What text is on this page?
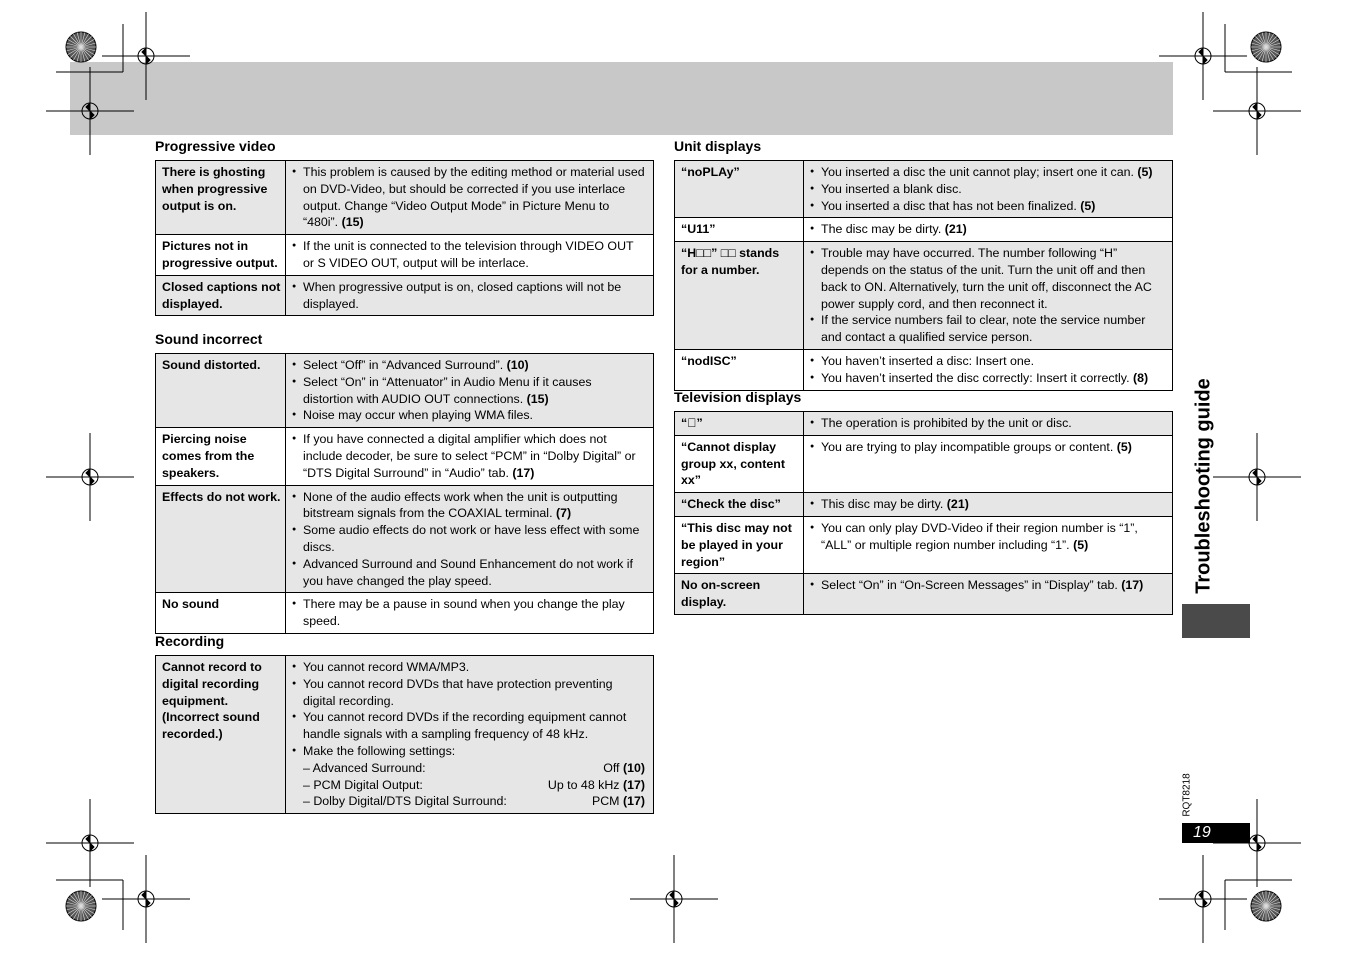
Progressive video
There is ghosting when progressive output is on.	● This problem is caused by the editing method or material used on DVD-Video, but should be corrected if you use interlace output. Change “Video Output Mode” in Picture Menu to “480i”. (15)

Pictures not in progressive output.	● If the unit is connected to the television through VIDEO OUT or S VIDEO OUT, output will be interlace.

Closed captions not displayed.	● When progressive output is on, closed captions will not be displayed.
Sound incorrect
Sound distorted.	● Select “Off” in “Advanced Surround”. (10)
● Select “On” in “Attenuator” in Audio Menu if it causes distortion with AUDIO OUT connections. (15)
● Noise may occur when playing WMA files.

Piercing noise comes from the speakers.	● If you have connected a digital amplifier which does not include decoder, be sure to select “PCM” in “Dolby Digital” or “DTS Digital Surround” in “Audio” tab. (17)

Effects do not work.	● None of the audio effects work when the unit is outputting bitstream signals from the COAXIAL terminal. (7)
● Some audio effects do not work or have less effect with some discs.
● Advanced Surround and Sound Enhancement do not work if you have changed the play speed.

No sound	● There may be a pause in sound when you change the play speed.
Recording
Cannot record to digital recording equipment. (Incorrect sound recorded.)	
● You cannot record WMA/MP3.
● You cannot record DVDs that have protection preventing digital recording.
● You cannot record DVDs if the recording equipment cannot handle signals with a sampling frequency of 48 kHz.
● Make the following settings:
– Advanced Surround:	Off (10)
– PCM Digital Output:	Up to 48 kHz (17)
– Dolby Digital/DTS Digital Surround:	PCM (17)
Unit displays
“noPLAy”	● You inserted a disc the unit cannot play; insert one it can. (5)
● You inserted a blank disc.
● You inserted a disc that has not been finalized. (5)

“U11”	● The disc may be dirty. (21)

“H□□” □□ stands for a number.	● Trouble may have occurred. The number following “H” depends on the status of the unit. Turn the unit off and then back to ON. Alternatively, turn the unit off, disconnect the AC power supply cord, and then reconnect it.
● If the service numbers fail to clear, note the service number and contact a qualified service person.

“nodISC”	● You haven’t inserted a disc: Insert one.
● You haven’t inserted the disc correctly: Insert it correctly. (8)
Television displays
“⃠”	● The operation is prohibited by the unit or disc.

“Cannot display group xx, content xx”	● You are trying to play incompatible groups or content. (5)

“Check the disc”	● This disc may be dirty. (21)

“This disc may not be played in your region”	● You can only play DVD-Video if their region number is “1”, “ALL” or multiple region number including “1”. (5)

No on-screen display.	● Select “On” in “On-Screen Messages” in “Display” tab. (17)	Troubleshooting guide
RQT8218
19
